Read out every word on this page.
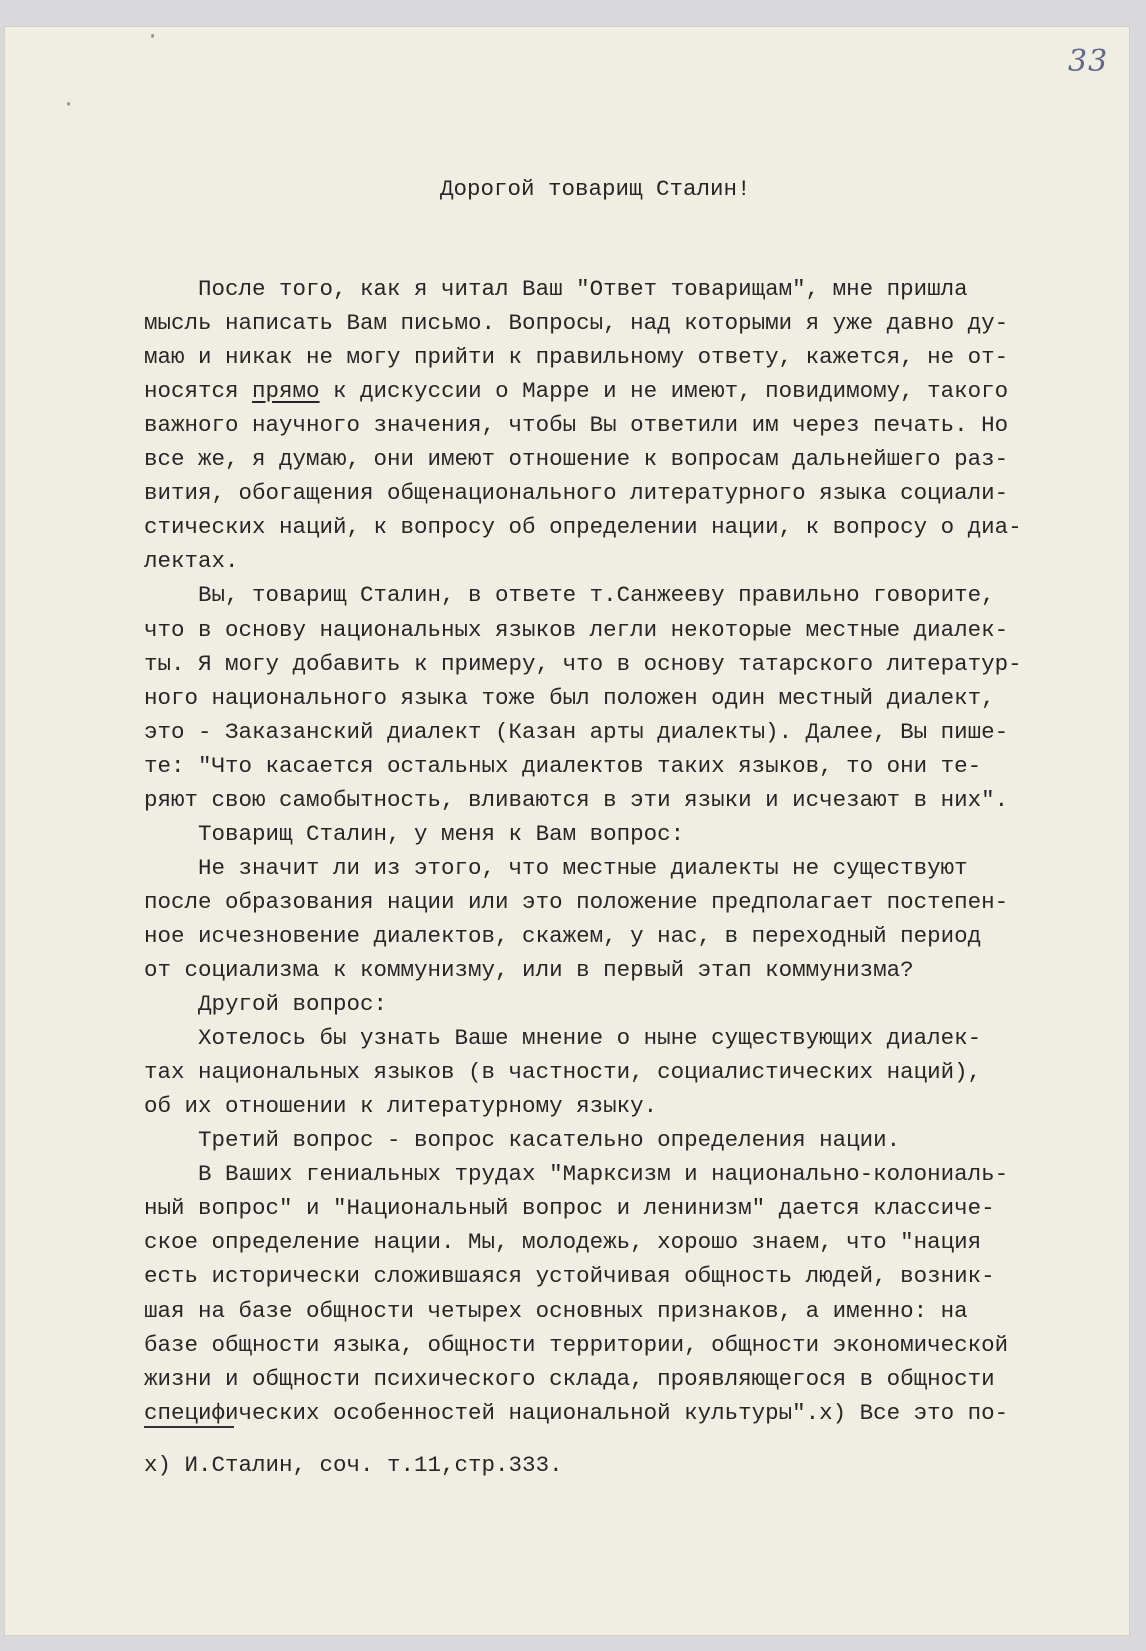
33
Дорогой товарищ Сталин!
После того, как я читал Ваш "Ответ товарищам", мне пришла
мысль написать Вам письмо. Вопросы, над которыми я уже давно ду-
маю и никак не могу прийти к правильному ответу, кажется, не от-
носятся прямо к дискуссии о Марре и не имеют, повидимому, такого
важного научного значения, чтобы Вы ответили им через печать. Но
все же, я думаю, они имеют отношение к вопросам дальнейшего раз-
вития, обогащения общенационального литературного языка социали-
стических наций, к вопросу об определении нации, к вопросу о диа-
лектах.
Вы, товарищ Сталин, в ответе т.Санжееву правильно говорите,
что в основу национальных языков легли некоторые местные диалек-
ты. Я могу добавить к примеру, что в основу татарского литератур-
ного национального языка тоже был положен один местный диалект,
это - Заказанский диалект (Казан арты диалекты). Далее, Вы пише-
те: "Что касается остальных диалектов таких языков, то они те-
ряют свою самобытность, вливаются в эти языки и исчезают в них".
Товарищ Сталин, у меня к Вам вопрос:
Не значит ли из этого, что местные диалекты не существуют
после образования нации или это положение предполагает постепен-
ное исчезновение диалектов, скажем, у нас, в переходный период
от социализма к коммунизму, или в первый этап коммунизма?
Другой вопрос:
Хотелось бы узнать Ваше мнение о ныне существующих диалек-
тах национальных языков (в частности, социалистических наций),
об их отношении к литературному языку.
Третий вопрос - вопрос касательно определения нации.
В Ваших гениальных трудах "Марксизм и национально-колониаль-
ный вопрос" и "Национальный вопрос и ленинизм" дается классиче-
ское определение нации. Мы, молодежь, хорошо знаем, что "нация
есть исторически сложившаяся устойчивая общность людей, возник-
шая на базе общности четырех основных признаков, а именно: на
базе общности языка, общности территории, общности экономической
жизни и общности психического склада, проявляющегося в общности
специфических особенностей национальной культуры".х) Все это по-
х) И.Сталин, соч. т.11,стр.333.
·
·
